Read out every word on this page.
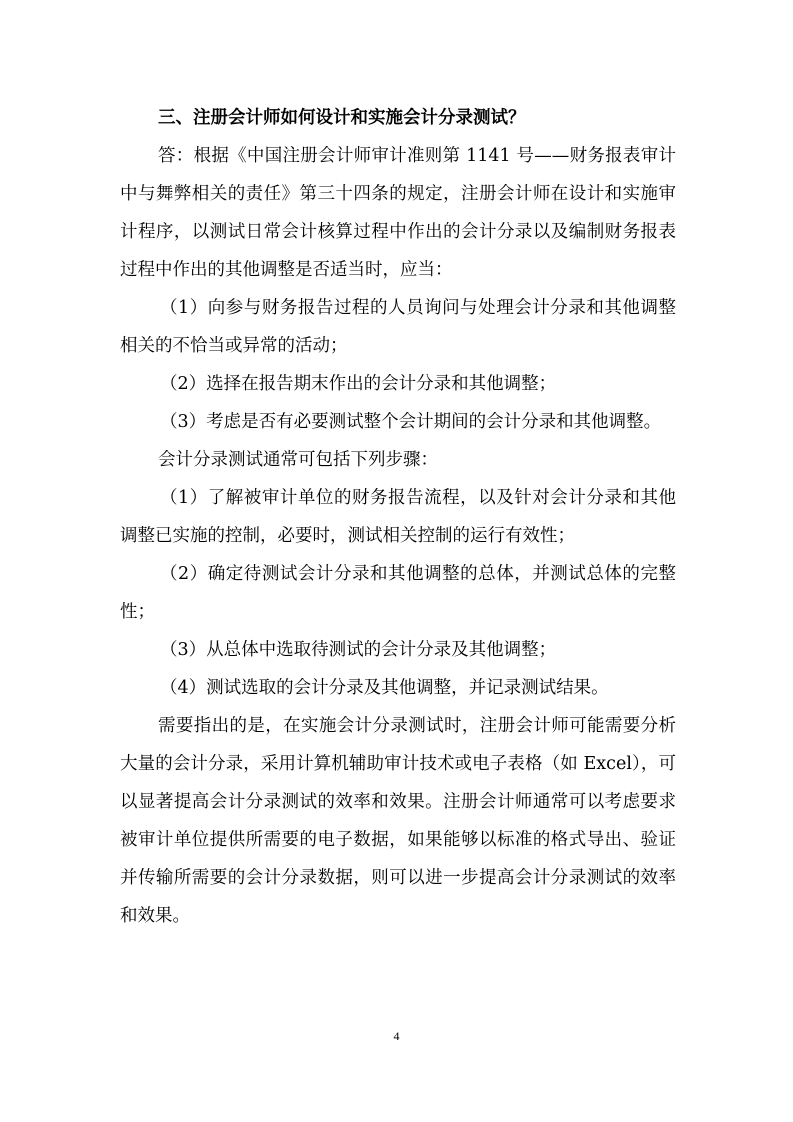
三、注册会计师如何设计和实施会计分录测试？

答：根据《中国注册会计师审计准则第 1141 号——财务报表审计中与舞弊相关的责任》第三十四条的规定，注册会计师在设计和实施审计程序，以测试日常会计核算过程中作出的会计分录以及编制财务报表过程中作出的其他调整是否适当时，应当：

（1）向参与财务报告过程的人员询问与处理会计分录和其他调整相关的不恰当或异常的活动；

（2）选择在报告期末作出的会计分录和其他调整；

（3）考虑是否有必要测试整个会计期间的会计分录和其他调整。

会计分录测试通常可包括下列步骤：

（1）了解被审计单位的财务报告流程，以及针对会计分录和其他调整已实施的控制，必要时，测试相关控制的运行有效性；

（2）确定待测试会计分录和其他调整的总体，并测试总体的完整性；

（3）从总体中选取待测试的会计分录及其他调整；

（4）测试选取的会计分录及其他调整，并记录测试结果。

需要指出的是，在实施会计分录测试时，注册会计师可能需要分析大量的会计分录，采用计算机辅助审计技术或电子表格（如 Excel），可以显著提高会计分录测试的效率和效果。注册会计师通常可以考虑要求被审计单位提供所需要的电子数据，如果能够以标准的格式导出、验证并传输所需要的会计分录数据，则可以进一步提高会计分录测试的效率和效果。

4
